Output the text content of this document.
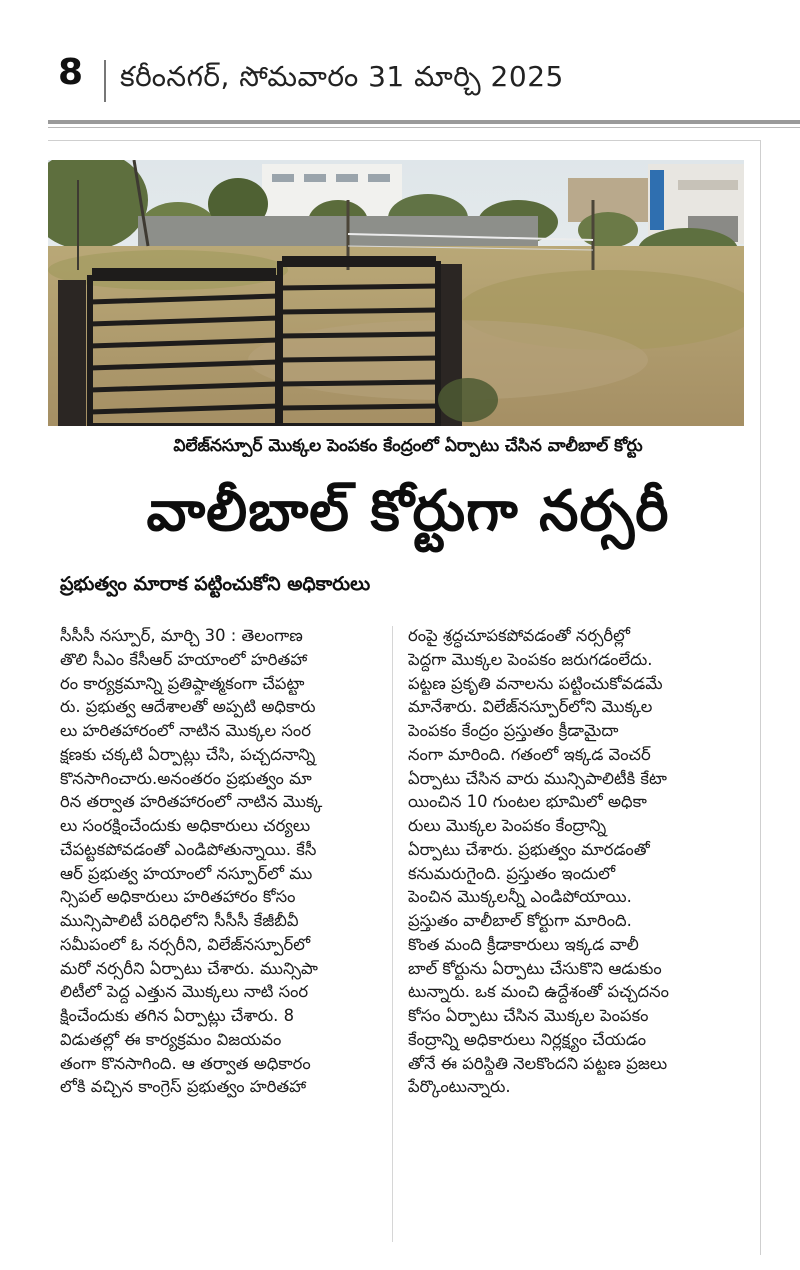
8 కరీంనగర్, సోమవారం 31 మార్చి 2025
విలేజ్‌నస్పూర్ మొక్కల పెంపకం కేంద్రంలో ఏర్పాటు చేసిన వాలీబాల్ కోర్టు
వాలీబాల్ కోర్టుగా నర్సరీ
ప్రభుత్వం మారాక పట్టించుకోని అధికారులు
సీసీసీ నస్పూర్, మార్చి 30 : తెలంగాణ
తొలి సీఎం కేసీఆర్ హయాంలో హరితహా
రం కార్యక్రమాన్ని ప్రతిష్ఠాత్మకంగా చేపట్టా
రు. ప్రభుత్వ ఆదేశాలతో అప్పటి అధికారు
లు హరితహారంలో నాటిన మొక్కల సంర
క్షణకు చక్కటి ఏర్పాట్లు చేసి, పచ్చదనాన్ని
కొనసాగించారు.అనంతరం ప్రభుత్వం మా
రిన తర్వాత హరితహారంలో నాటిన మొక్క
లు సంరక్షించేందుకు అధికారులు చర్యలు
చేపట్టకపోవడంతో ఎండిపోతున్నాయి. కేసీ
ఆర్ ప్రభుత్వ హయాంలో నస్పూర్‌లో ము
న్సిపల్ అధికారులు హరితహారం కోసం
మున్సిపాలిటీ పరిధిలోని సీసీసీ కేజీబీవీ
సమీపంలో ఓ నర్సరీని, విలేజ్‌నస్పూర్‌లో
మరో నర్సరీని ఏర్పాటు చేశారు. మున్సిపా
లిటీలో పెద్ద ఎత్తున మొక్కలు నాటి సంర
క్షించేందుకు తగిన ఏర్పాట్లు చేశారు. 8
విడుతల్లో ఈ కార్యక్రమం విజయవం
తంగా కొనసాగింది. ఆ తర్వాత అధికారం
లోకి వచ్చిన కాంగ్రెస్ ప్రభుత్వం హరితహా
రంపై శ్రద్ధచూపకపోవడంతో నర్సరీల్లో
పెద్దగా మొక్కల పెంపకం జరుగడంలేదు.
పట్టణ ప్రకృతి వనాలను పట్టించుకోవడమే
మానేశారు. విలేజ్‌నస్పూర్‌లోని మొక్కల
పెంపకం కేంద్రం ప్రస్తుతం క్రీడామైదా
నంగా మారింది. గతంలో ఇక్కడ వెంచర్
ఏర్పాటు చేసిన వారు మున్సిపాలిటీకి కేటా
యించిన 10 గుంటల భూమిలో అధికా
రులు మొక్కల పెంపకం కేంద్రాన్ని
ఏర్పాటు చేశారు. ప్రభుత్వం మారడంతో
కనుమరుగైంది. ప్రస్తుతం ఇందులో
పెంచిన మొక్కలన్నీ ఎండిపోయాయి.
ప్రస్తుతం వాలీబాల్ కోర్టుగా మారింది.
కొంత మంది క్రీడాకారులు ఇక్కడ వాలీ
బాల్ కోర్టును ఏర్పాటు చేసుకొని ఆడుకుం
టున్నారు. ఒక మంచి ఉద్దేశంతో పచ్చదనం
కోసం ఏర్పాటు చేసిన మొక్కల పెంపకం
కేంద్రాన్ని అధికారులు నిర్లక్ష్యం చేయడం
తోనే ఈ పరిస్థితి నెలకొందని పట్టణ ప్రజలు
పేర్కొంటున్నారు.
